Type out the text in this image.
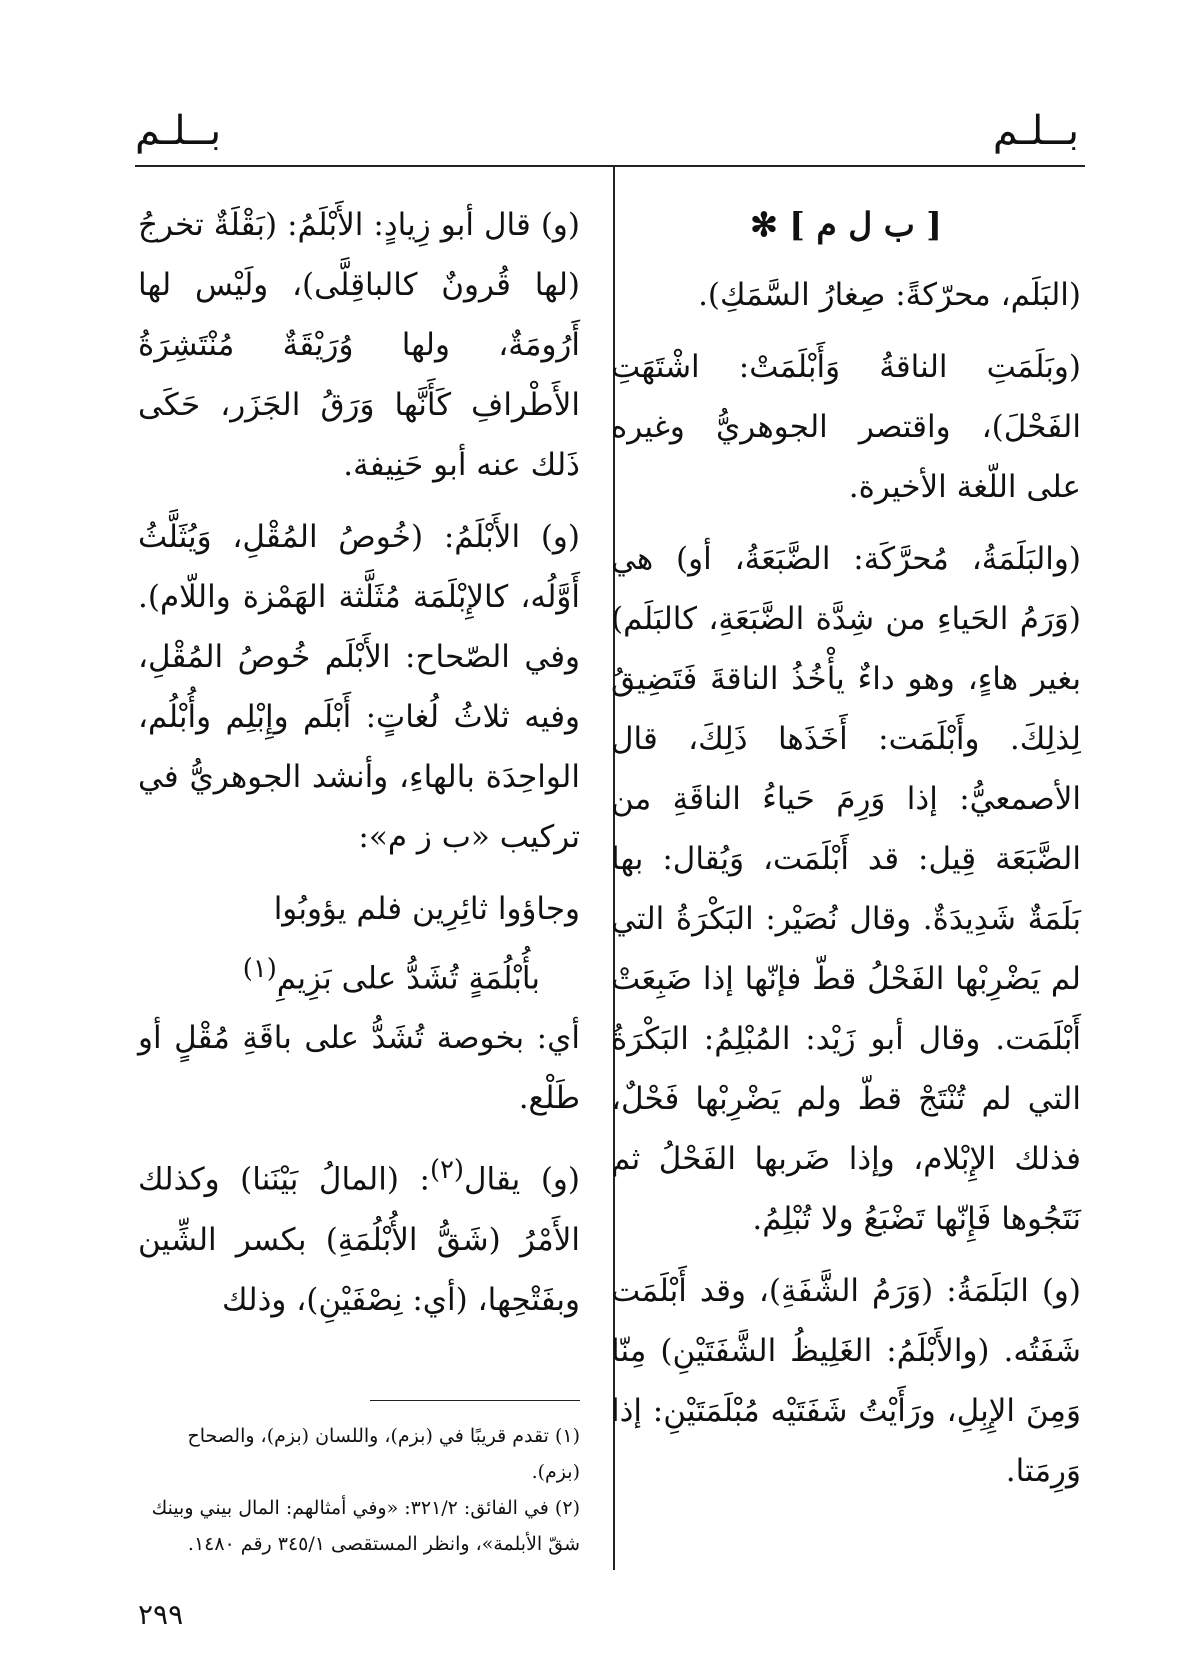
بــلـم
بــلـم

[ ب ل م ] ✻

(البَلَم، محرّكةً: صِغارُ السَّمَكِ).

(وبَلَمَتِ الناقةُ وَأَبْلَمَتْ: اشْتَهَتِ الفَحْلَ)، واقتصر الجوهريُّ وغيره على اللّغة الأخيرة.

(والبَلَمَةُ، مُحرَّكَة: الضَّبَعَةُ، أو) هي (وَرَمُ الحَياءِ من شِدَّة الضَّبَعَةِ، كالبَلَم) بغير هاءٍ، وهو داءٌ يأْخُذُ الناقةَ فَتَضِيقُ لِذلِكَ. وأَبْلَمَت: أَخَذَها ذَلِكَ، قال الأصمعيُّ: إذا وَرِمَ حَياءُ الناقَةِ من الضَّبَعَة قِيل: قد أَبْلَمَت، وَيُقال: بها بَلَمَةٌ شَدِيدَةٌ. وقال نُصَيْر: البَكْرَةُ التي لم يَضْرِبْها الفَحْلُ قطّ فإنّها إذا ضَبِعَتْ أَبْلَمَت. وقال أبو زَيْد: المُبْلِمُ: البَكْرَةُ التي لم تُنْتَجْ قطّ ولم يَضْرِبْها فَحْلٌ، فذلك الإِبْلام، وإذا ضَربها الفَحْلُ ثم نَتَجُوها فَإِنّها تَضْبَعُ ولا تُبْلِمُ.

(و) البَلَمَةُ: (وَرَمُ الشَّفَةِ)، وقد أَبْلَمَت شَفَتُه. (والأَبْلَمُ: الغَلِيظُ الشَّفَتَيْنِ) مِنّا وَمِنَ الإِبِلِ، ورَأَيْتُ شَفَتَيْه مُبْلَمَتَيْنِ: إذا وَرِمَتا.

(و) قال أبو زِيادٍ: الأَبْلَمُ: (بَقْلَةٌ تخرجُ (لها قُرونٌ كالباقِلَّى)، ولَيْس لها أَرُومَةٌ، ولها وُرَيْقَةٌ مُنْتَشِرَةُ الأَطْرافِ كَأَنَّها وَرَقُ الجَزَر، حَكَى ذَلك عنه أبو حَنِيفة.

(و) الأَبْلَمُ: (خُوصُ المُقْلِ، وَيُثَلَّثُ أَوَّلُه، كالإِبْلَمَة مُثَلَّثة الهَمْزة واللّام). وفي الصّحاح: الأَبْلَم خُوصُ المُقْلِ، وفيه ثلاثُ لُغاتٍ: أَبْلَم وإِبْلِم وأُبْلُم، الواحِدَة بالهاءِ، وأنشد الجوهريُّ في تركيب «ب ز م»:

وجاؤوا ثائِرِين فلم يؤوبُوا

بأُبْلُمَةٍ تُشَدُّ على بَزِيمِ$^{(١)}$

أي: بخوصة تُشَدُّ على باقَةِ مُقْلٍ أو طَلْع.

(و) يقال$^{(٢)}$: (المالُ بَيْنَنا) وكذلك الأَمْرُ (شَقُّ الأُبْلُمَةِ) بكسر الشِّين وبفَتْحِها، (أي: نِصْفَيْنِ)، وذلك

(١) تقدم قريبًا في (بزم)، واللسان (بزم)، والصحاح (بزم).

(٢) في الفائق: ٣٢١/٢: «وفي أمثالهم: المال بيني وبينك شقّ الأبلمة»، وانظر المستقصى ٣٤٥/١ رقم ١٤٨٠.

٢٩٩
